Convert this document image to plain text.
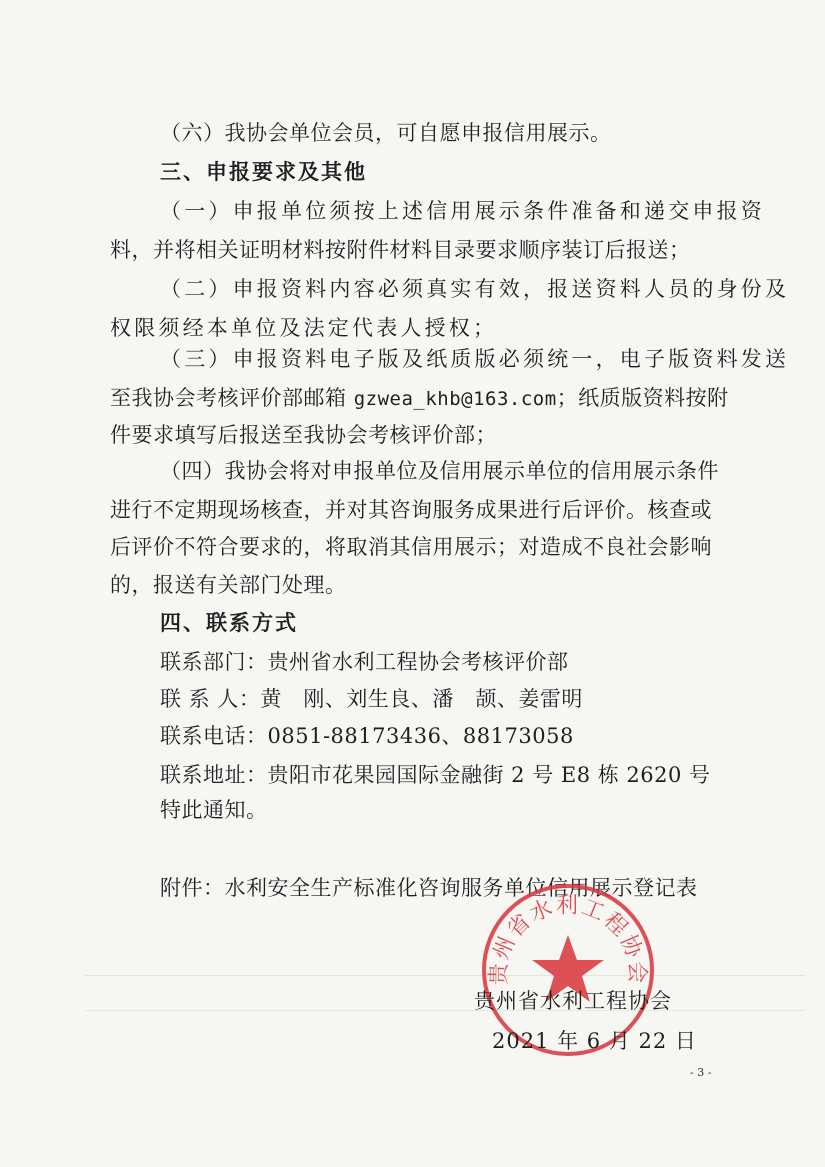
（六）我协会单位会员，可自愿申报信用展示。
三、申报要求及其他
（一）申报单位须按上述信用展示条件准备和递交申报资
料，并将相关证明材料按附件材料目录要求顺序装订后报送；
（二）申报资料内容必须真实有效，报送资料人员的身份及
权限须经本单位及法定代表人授权；
（三）申报资料电子版及纸质版必须统一，电子版资料发送
至我协会考核评价部邮箱 gzwea_khb@163.com；纸质版资料按附
件要求填写后报送至我协会考核评价部；
（四）我协会将对申报单位及信用展示单位的信用展示条件
进行不定期现场核查，并对其咨询服务成果进行后评价。核查或
后评价不符合要求的，将取消其信用展示；对造成不良社会影响
的，报送有关部门处理。
四、联系方式
联系部门：贵州省水利工程协会考核评价部
联 系 人：黄　刚、刘生良、潘　颉、姜雷明
联系电话：0851-88173436、88173058
联系地址：贵阳市花果园国际金融街 2 号 E8 栋 2620 号
特此通知。
附件：水利安全生产标准化咨询服务单位信用展示登记表
贵州省水利工程协会
贵州省水利工程协会
2021 年 6 月 22 日
- 3 -
